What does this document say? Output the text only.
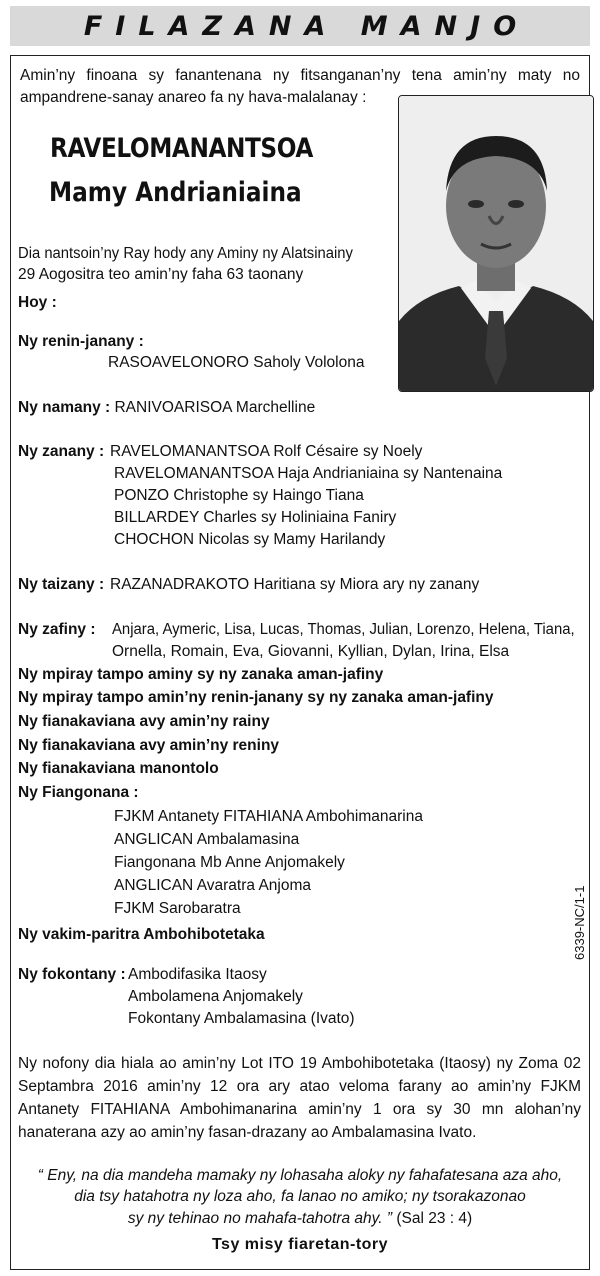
FILAZANA MANJO
Amin’ny finoana sy fanantenana ny fitsanganan’ny tena amin’ny maty no ampandrene-sanay anareo fa ny hava-malalanay :
RAVELOMANANTSOA
Mamy Andrianiaina
Dia nantsoin’ny Ray hody any Aminy ny Alatsinainy
29 Aogositra teo amin’ny faha 63 taonany
Hoy :
Ny renin-janany :
RASOAVELONORO Saholy Vololona
Ny namany : RANIVOARISOA Marchelline
Ny zanany : RAVELOMANANTSOA Rolf Césaire sy Noely
RAVELOMANANTSOA Haja Andrianiaina sy Nantenaina
PONZO Christophe sy Haingo Tiana
BILLARDEY Charles sy Holiniaina Faniry
CHOCHON Nicolas sy Mamy Harilandy
Ny taizany : RAZANADRAKOTO Haritiana sy Miora ary ny zanany
Ny zafiny : Anjara, Aymeric, Lisa, Lucas, Thomas, Julian, Lorenzo, Helena, Tiana,
Ornella, Romain, Eva, Giovanni, Kyllian, Dylan, Irina, Elsa
Ny mpiray tampo aminy sy ny zanaka aman-jafiny
Ny mpiray tampo amin’ny renin-janany sy ny zanaka aman-jafiny
Ny fianakaviana avy amin’ny rainy
Ny fianakaviana avy amin’ny reniny
Ny fianakaviana manontolo
Ny Fiangonana :
FJKM Antanety FITAHIANA Ambohimanarina
ANGLICAN Ambalamasina
Fiangonana Mb Anne Anjomakely
ANGLICAN Avaratra Anjoma
FJKM Sarobaratra
Ny vakim-paritra Ambohibotetaka
Ny fokontany : Ambodifasika Itaosy
Ambolamena Anjomakely
Fokontany Ambalamasina (Ivato)
6339-NC/1-1
Ny nofony dia hiala ao amin’ny Lot ITO 19 Ambohibotetaka (Itaosy) ny Zoma 02 Septambra 2016 amin’ny 12 ora ary atao veloma farany ao amin’ny FJKM Antanety FITAHIANA Ambohimanarina amin’ny 1 ora sy 30 mn alohan’ny hanaterana azy ao amin’ny fasan-drazany ao Ambalamasina Ivato.
“ Eny, na dia mandeha mamaky ny lohasaha aloky ny fahafatesana aza aho,
dia tsy hatahotra ny loza aho, fa lanao no amiko; ny tsorakazonao
sy ny tehinao no mahafa-tahotra ahy. ” (Sal 23 : 4)
Tsy misy fiaretan-tory
